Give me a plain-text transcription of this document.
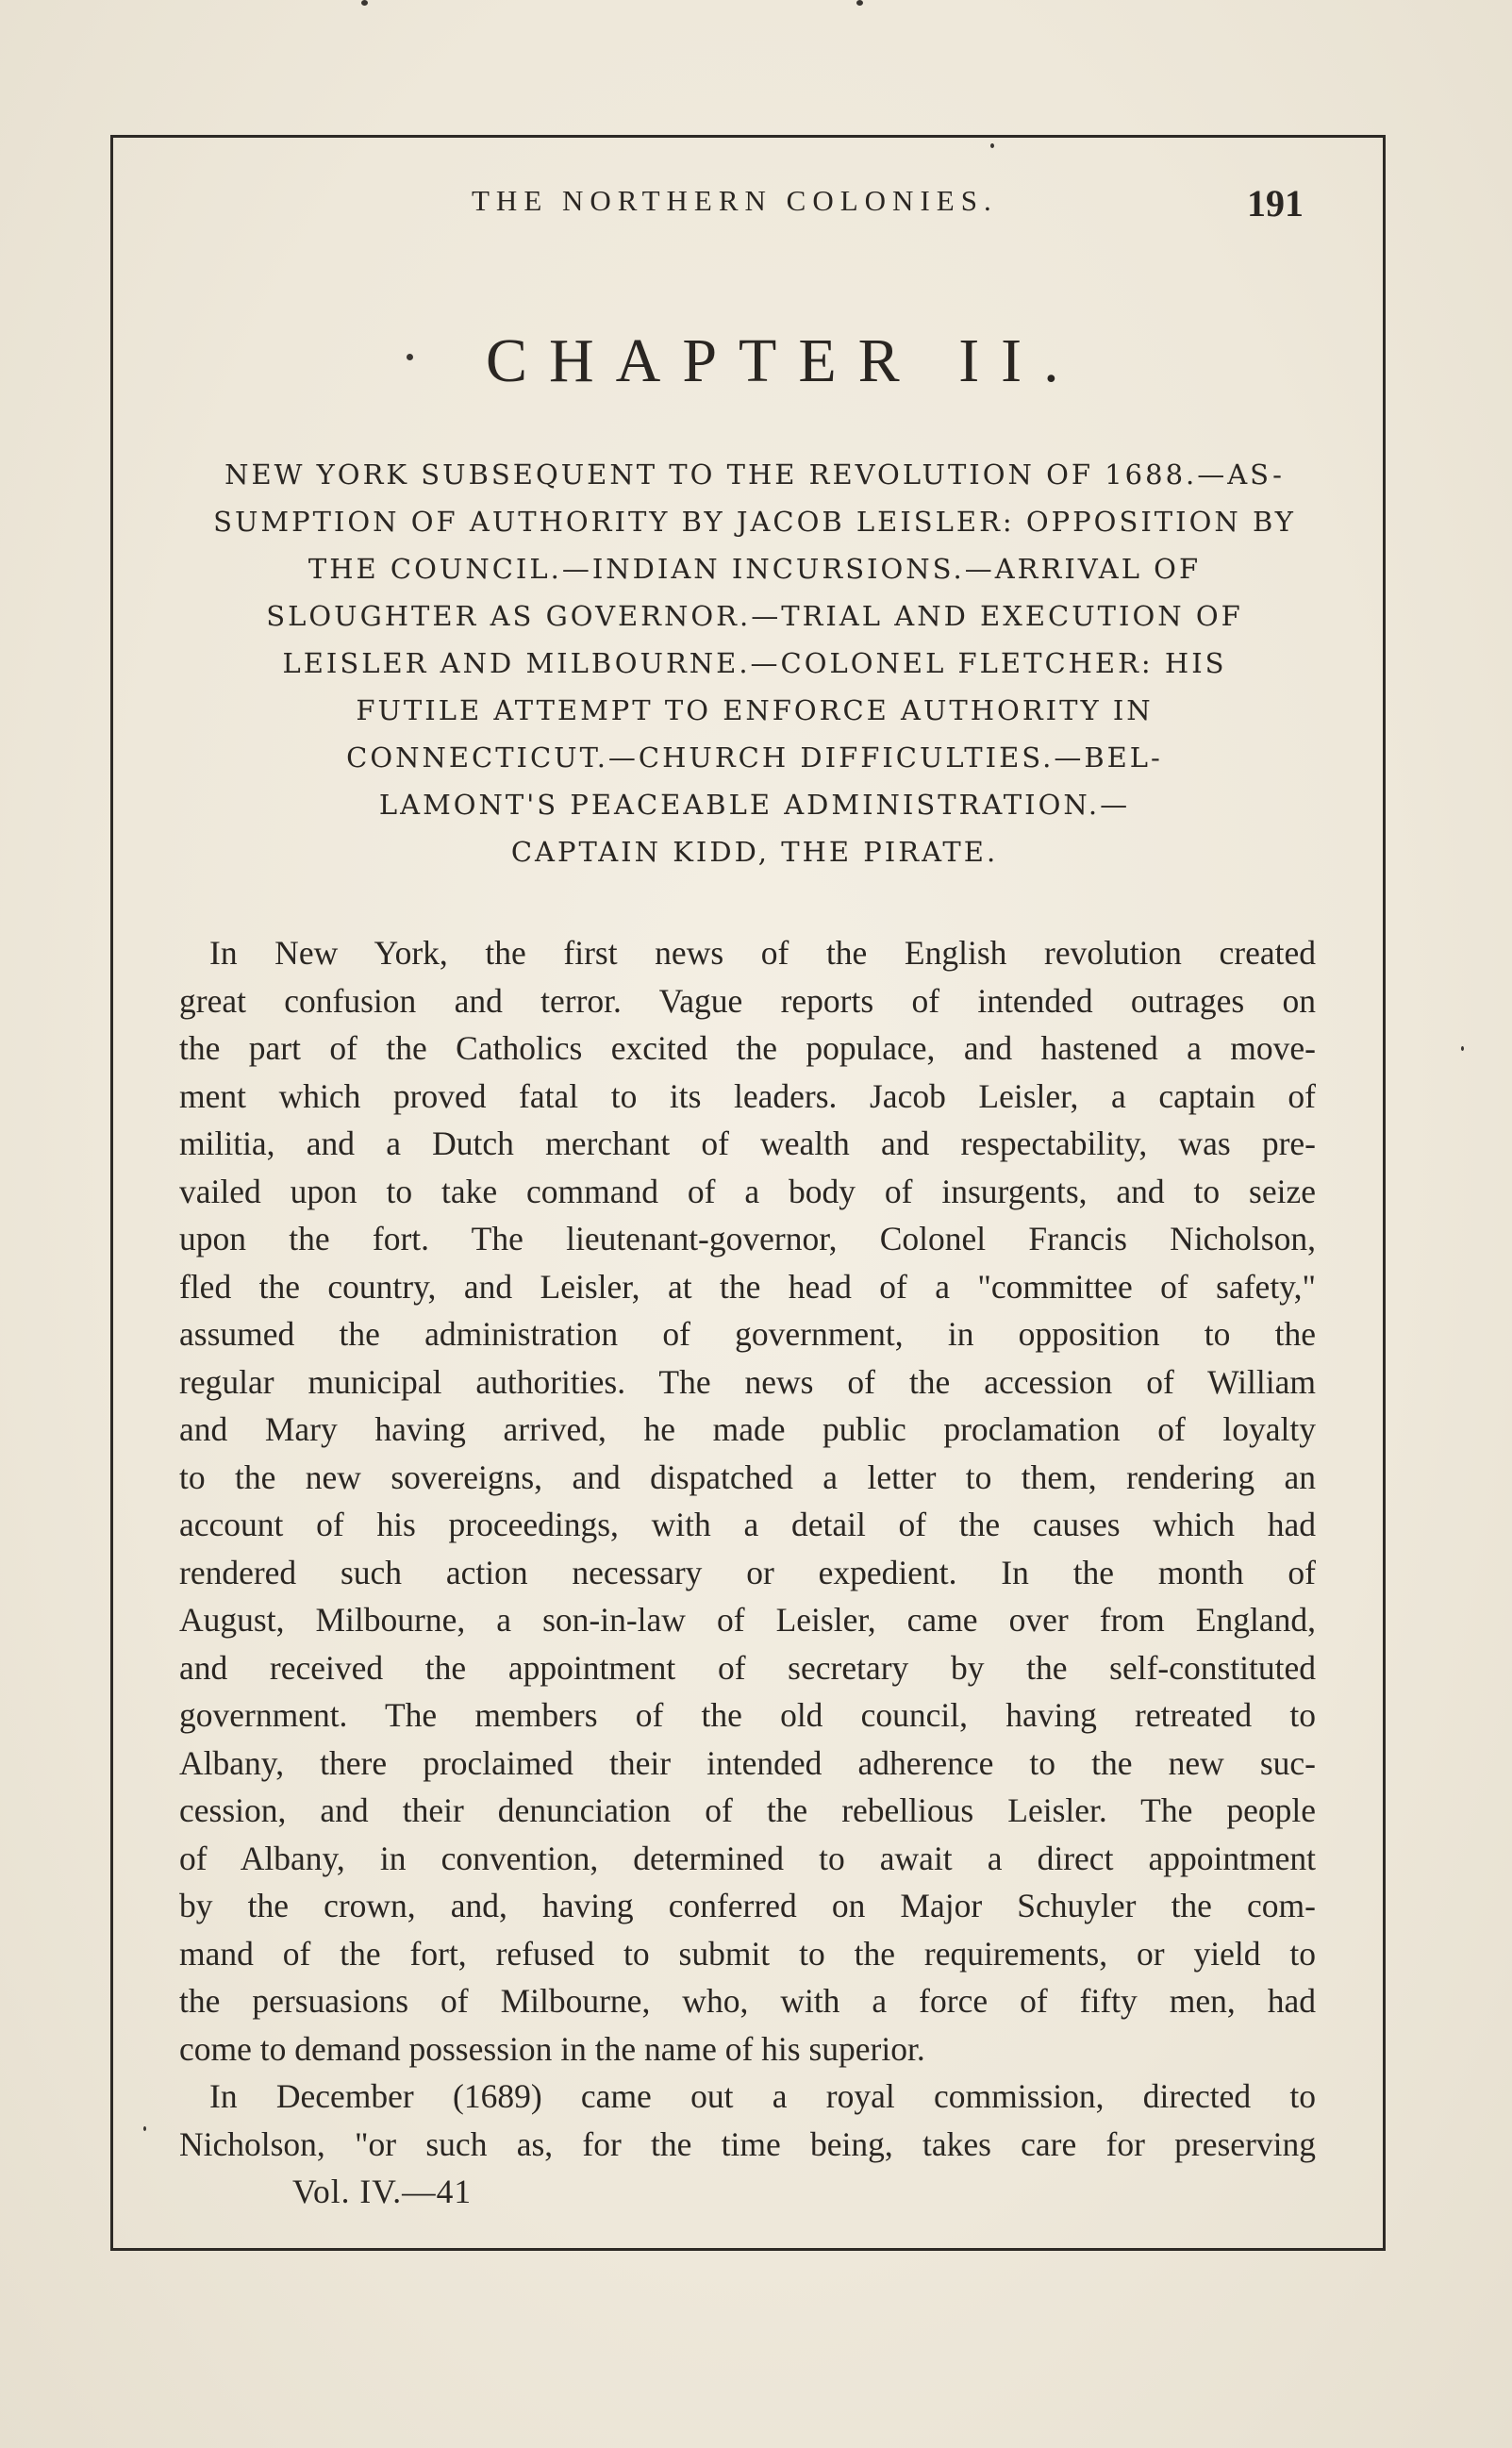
THE NORTHERN COLONIES.	191
CHAPTER II.
NEW YORK SUBSEQUENT TO THE REVOLUTION OF 1688.—AS-
SUMPTION OF AUTHORITY BY JACOB LEISLER: OPPOSITION BY
THE COUNCIL.—INDIAN INCURSIONS.—ARRIVAL OF
SLOUGHTER AS GOVERNOR.—TRIAL AND EXECUTION OF
LEISLER AND MILBOURNE.—COLONEL FLETCHER: HIS
FUTILE ATTEMPT TO ENFORCE AUTHORITY IN
CONNECTICUT.—CHURCH DIFFICULTIES.—BEL-
LAMONT'S PEACEABLE ADMINISTRATION.—
CAPTAIN KIDD, THE PIRATE.
In New York, the first news of the English revolution created
great confusion and terror. Vague reports of intended outrages on
the part of the Catholics excited the populace, and hastened a move-
ment which proved fatal to its leaders. Jacob Leisler, a captain of
militia, and a Dutch merchant of wealth and respectability, was pre-
vailed upon to take command of a body of insurgents, and to seize
upon the fort. The lieutenant-governor, Colonel Francis Nicholson,
fled the country, and Leisler, at the head of a "committee of safety,"
assumed the administration of government, in opposition to the
regular municipal authorities. The news of the accession of William
and Mary having arrived, he made public proclamation of loyalty
to the new sovereigns, and dispatched a letter to them, rendering an
account of his proceedings, with a detail of the causes which had
rendered such action necessary or expedient. In the month of
August, Milbourne, a son-in-law of Leisler, came over from England,
and received the appointment of secretary by the self-constituted
government. The members of the old council, having retreated to
Albany, there proclaimed their intended adherence to the new suc-
cession, and their denunciation of the rebellious Leisler. The people
of Albany, in convention, determined to await a direct appointment
by the crown, and, having conferred on Major Schuyler the com-
mand of the fort, refused to submit to the requirements, or yield to
the persuasions of Milbourne, who, with a force of fifty men, had
come to demand possession in the name of his superior.
In December (1689) came out a royal commission, directed to
Nicholson, "or such as, for the time being, takes care for preserving
Vol. IV.—41
